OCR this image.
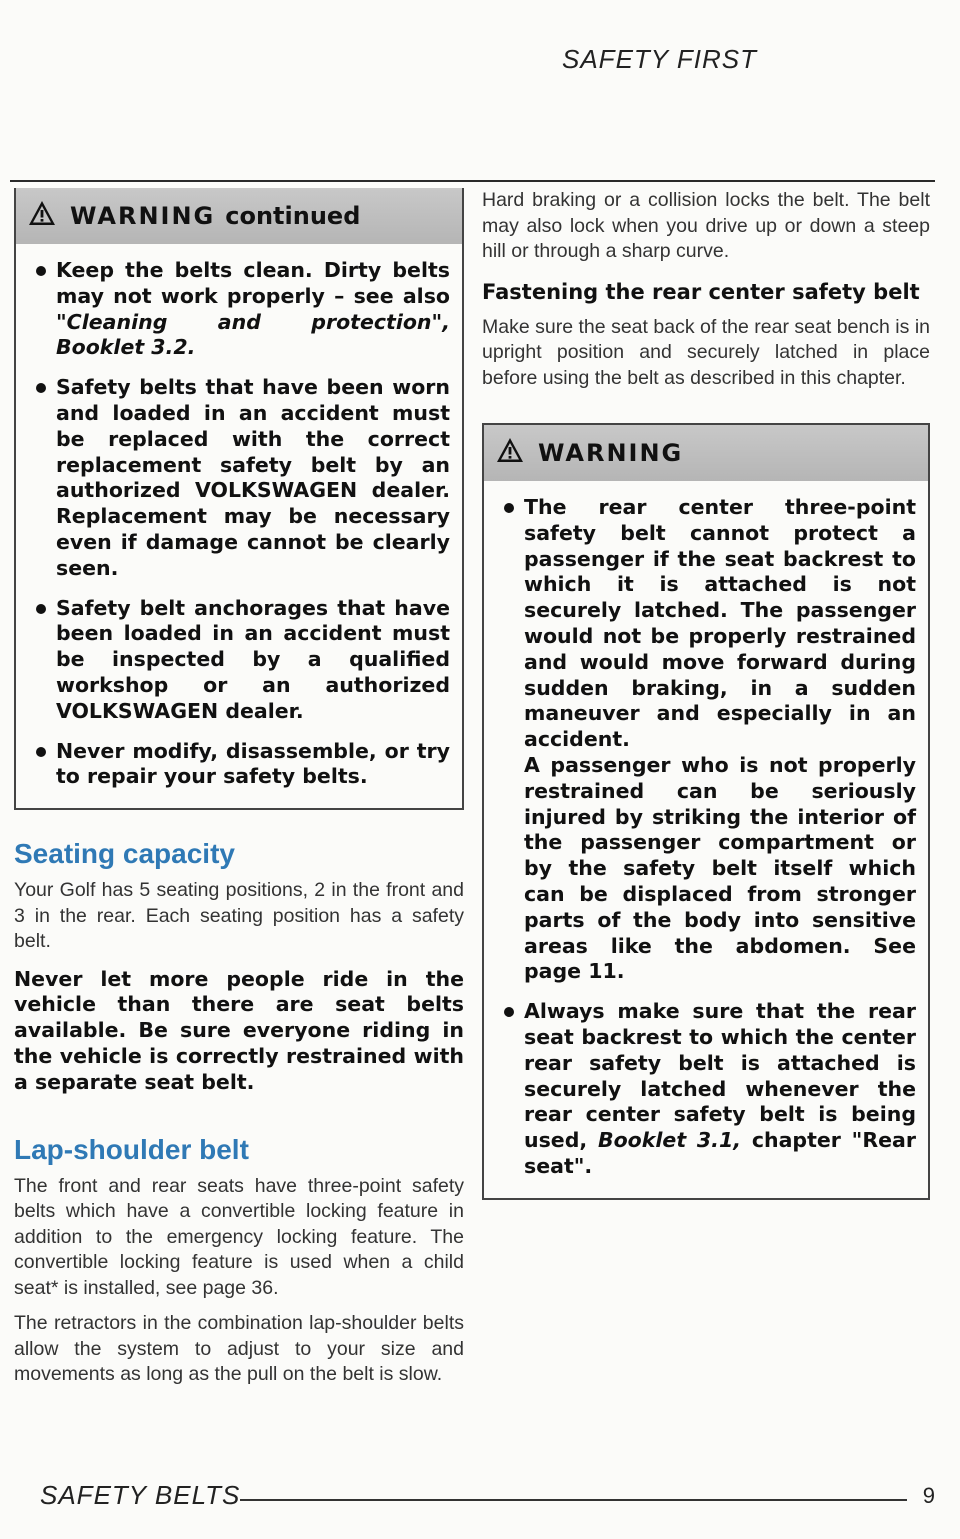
SAFETY FIRST
WARNING continued
Keep the belts clean. Dirty belts may not work properly – see also "Cleaning and protection", Booklet 3.2.
Safety belts that have been worn and loaded in an accident must be replaced with the correct replacement safety belt by an authorized VOLKSWAGEN dealer. Replacement may be necessary even if damage cannot be clearly seen.
Safety belt anchorages that have been loaded in an accident must be inspected by a qualified workshop or an authorized VOLKSWAGEN dealer.
Never modify, disassemble, or try to repair your safety belts.
Seating capacity

Your Golf has 5 seating positions, 2 in the front and 3 in the rear. Each seating position has a safety belt.

Never let more people ride in the vehicle than there are seat belts available. Be sure everyone riding in the vehicle is correctly restrained with a separate seat belt.

Lap-shoulder belt

The front and rear seats have three-point safety belts which have a convertible locking feature in addition to the emergency locking feature. The convertible locking feature is used when a child seat* is installed, see page 36.

The retractors in the combination lap-shoulder belts allow the system to adjust to your size and movements as long as the pull on the belt is slow.

Hard braking or a collision locks the belt. The belt may also lock when you drive up or down a steep hill or through a sharp curve.

Fastening the rear center safety belt

Make sure the seat back of the rear seat bench is in upright position and securely latched in place before using the belt as described in this chapter.

WARNING
The rear center three-point safety belt cannot protect a passenger if the seat backrest to which it is attached is not securely latched. The passenger would not be properly restrained and would move forward during sudden braking, in a sudden maneuver and especially in an accident.
A passenger who is not properly restrained can be seriously injured by striking the interior of the passenger compartment or by the safety belt itself which can be displaced from stronger parts of the body into sensitive areas like the abdomen. See page 11.
Always make sure that the rear seat backrest to which the center rear safety belt is attached is securely latched whenever the rear center safety belt is being used, Booklet 3.1, chapter "Rear seat".
SAFETY BELTS	9
